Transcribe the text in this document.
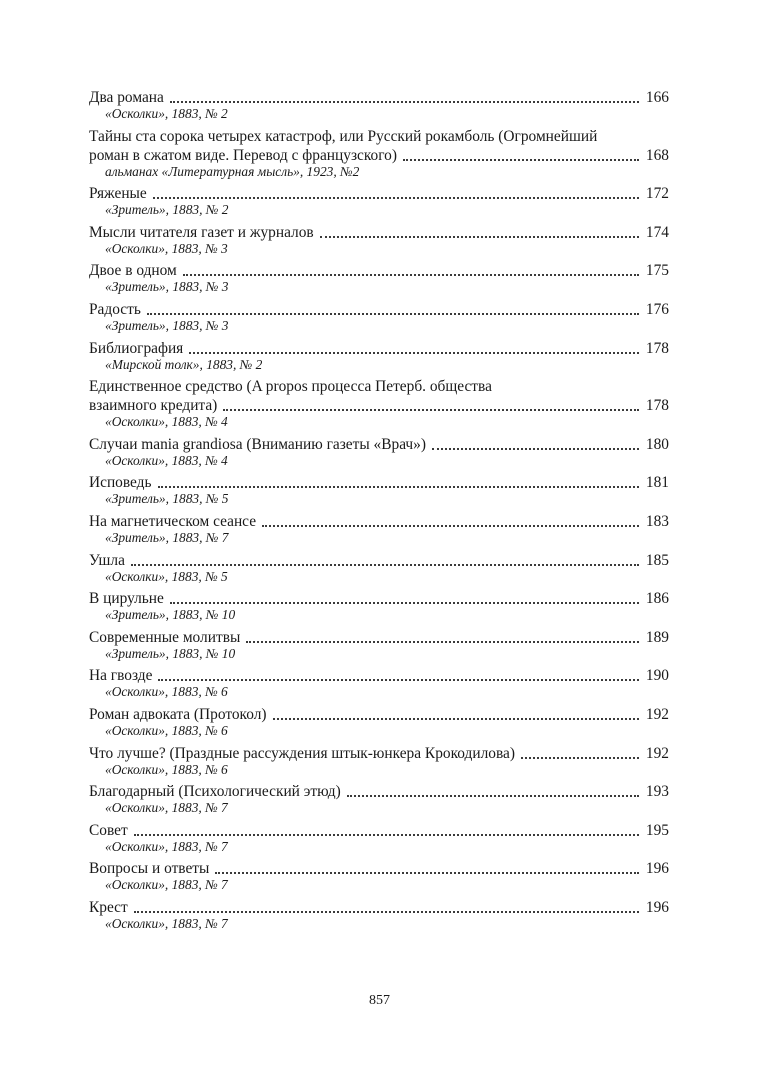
Два романа	166
«Осколки», 1883, № 2
Тайны ста сорока четырех катастроф, или Русский рокамболь (Огромнейший
роман в сжатом виде. Перевод с французского)	168
альманах «Литературная мысль», 1923, №2
Ряженые	172
«Зритель», 1883, № 2
Мысли читателя газет и журналов	174
«Осколки», 1883, № 3
Двое в одном	175
«Зритель», 1883, № 3
Радость	176
«Зритель», 1883, № 3
Библиография	178
«Мирской толк», 1883, № 2
Единственное средство (A propos процесса Петерб. общества
взаимного кредита)	178
«Осколки», 1883, № 4
Случаи mania grandiosa (Вниманию газеты «Врач»)	180
«Осколки», 1883, № 4
Исповедь	181
«Зритель», 1883, № 5
На магнетическом сеансе	183
«Зритель», 1883, № 7
Ушла	185
«Осколки», 1883, № 5
В цирульне	186
«Зритель», 1883, № 10
Современные молитвы	189
«Зритель», 1883, № 10
На гвозде	190
«Осколки», 1883, № 6
Роман адвоката (Протокол)	192
«Осколки», 1883, № 6
Что лучше? (Праздные рассуждения штык-юнкера Крокодилова)	192
«Осколки», 1883, № 6
Благодарный (Психологический этюд)	193
«Осколки», 1883, № 7
Совет	195
«Осколки», 1883, № 7
Вопросы и ответы	196
«Осколки», 1883, № 7
Крест	196
«Осколки», 1883, № 7
857
